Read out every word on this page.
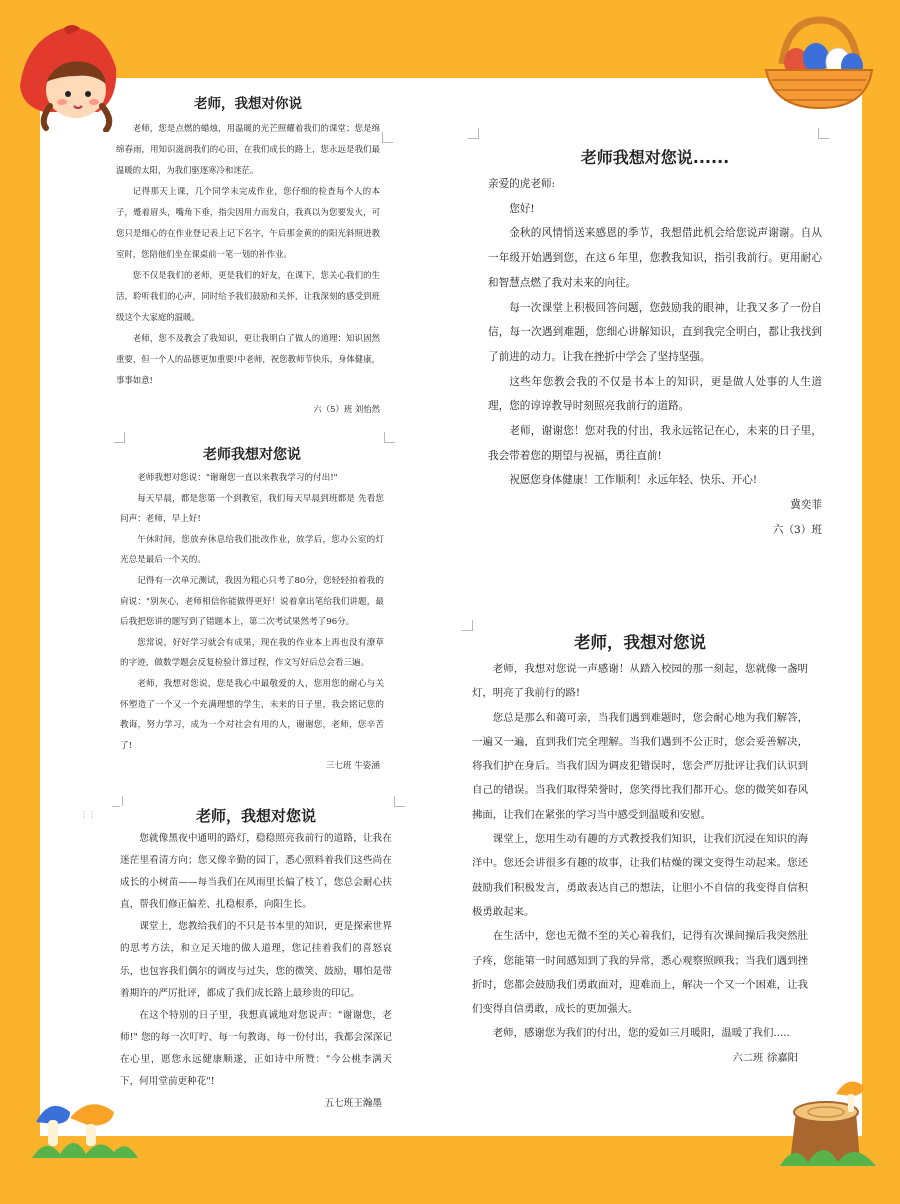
⋮⋮
老师，我想对你说

老师，您是点燃的蜡烛，用温暖的光芒照耀着我们的课堂；您是绵绵春雨，用知识滋润我们的心田，在我们成长的路上，您永远是我们最温暖的太阳，为我们驱逐寒冷和迷茫。

记得那天上课，几个同学未完成作业，您仔细的检查每个人的本子，蹙着眉头，嘴角下垂，指尖因用力而发白，我真以为您要发火，可您只是细心的在作业登记表上记下名字，午后那金黄的的阳光斜照进教室时，您陪他们坐在课桌前一笔一划的补作业。

您不仅是我们的老师，更是我们的好友，在课下，您关心我们的生活，聆听我们的心声，同时给予我们鼓励和关怀，让我深刻的感受到班级这个大家庭的温暖。

老师，您不及教会了我知识，更让我明白了做人的道理：知识固然重要，但一个人的品德更加重要!中老师，祝您教师节快乐，身体健康，事事如意!

六（5）班 刘怡然

老师我想对您说......

亲爱的虎老师:

您好!

金秋的风情悄送来感恩的季节，我想借此机会给您说声谢谢。自从一年级开始遇到您，在这６年里，您教我知识，指引我前行。更用耐心和智慧点燃了我对未来的向往。

每一次课堂上积极回答问题，您鼓励我的眼神，让我又多了一份自信，每一次遇到难题，您细心讲解知识，直到我完全明白，都让我找到了前进的动力。让我在挫折中学会了坚持坚强。

这些年您教会我的不仅是书本上的知识，更是做人处事的人生道理，您的谆谆教导时刻照亮我前行的道路。

老师，谢谢您！您对我的付出，我永远铭记在心，未来的日子里，我会带着您的期望与祝福，勇往直前!

祝愿您身体健康！工作顺利！永远年轻、快乐、开心!

冀奕菲

六（3）班

老师我想对您说

老师我想对您说："谢谢您一直以来教我学习的付出!"

每天早晨，都是您第一个到教室，我们每天早晨到班都是 先看您问声：老师，早上好!

午休时间，您放弃休息给我们批改作业，放学后，您办公室的灯光总是最后一个关的。

记得有一次单元测试，我因为粗心只考了80分，您轻轻拍着我的肩说："别灰心，老师相信你能做得更好！说着拿出笔给我们讲题，最后我把您讲的题写到了错题本上，第二次考试果然考了96分。

您常说，好好学习就会有成果，现在我的作业本上再也没有潦草的字迹，做数学题会反复检验计算过程，作文写好后总会看三遍。

老师，我想对您说，您是我心中最敬爱的人，您用您的耐心与关怀塑造了一个又一个充满理想的学生，未来的日子里，我会铭记您的教诲，努力学习，成为一个对社会有用的人，谢谢您，老师，您辛苦了!

三七班 牛姿涵

老师，我想对您说

您就像黑夜中通明的路灯，稳稳照亮我前行的道路，让我在迷茫里看清方向；您又像辛勤的园丁，悉心照料着我们这些尚在成长的小树苗——每当我们在风雨里长偏了枝丫，您总会耐心扶直，帮我们修正偏差、扎稳根系，向阳生长。

课堂上，您教给我们的不只是书本里的知识，更是探索世界的思考方法，和立足天地的做人道理，您记挂着我们的喜怒哀乐，也包容我们偶尔的调皮与过失，您的微笑、鼓励，哪怕是带着期许的严厉批评，都成了我们成长路上最珍贵的印记。

在这个特别的日子里，我想真诚地对您说声："谢谢您，老师!" 您的每一次叮咛、每一句教诲、每一份付出，我都会深深记在心里，愿您永远健康顺遂，正如诗中所赞："今公桃李满天下，何用堂前更种花"!

五七班王瀚墨

老师，我想对您说

老师，我想对您说一声感谢！从踏入校园的那一刻起，您就像一盏明灯，明亮了我前行的路!

您总是那么和蔼可亲，当我们遇到难题时，您会耐心地为我们解答，一遍又一遍，直到我们完全理解。当我们遇到不公正时，您会妥善解决，将我们护在身后。当我们因为调皮犯错误时，您会严厉批评让我们认识到自己的错误。当我们取得荣誉时，您笑得比我们都开心。您的微笑如春风拂面，让我们在紧张的学习当中感受到温暖和安慰。

课堂上，您用生动有趣的方式教授我们知识，让我们沉浸在知识的海洋中。您还会讲很多有趣的故事，让我们枯燥的课文变得生动起来。您还鼓励我们积极发言，勇敢表达自己的想法，让胆小不自信的我变得自信积极勇敢起来。

在生活中，您也无微不至的关心着我们，记得有次课间操后我突然肚子疼，您能第一时间感知到了我的异常，悉心观察照顾我；当我们遇到挫折时，您都会鼓励我们勇敢面对，迎难而上，解决一个又一个困难，让我们变得自信勇敢，成长的更加强大。

老师，感谢您为我们的付出，您的爱如三月暖阳，温暖了我们.....

六二班 徐嘉阳
